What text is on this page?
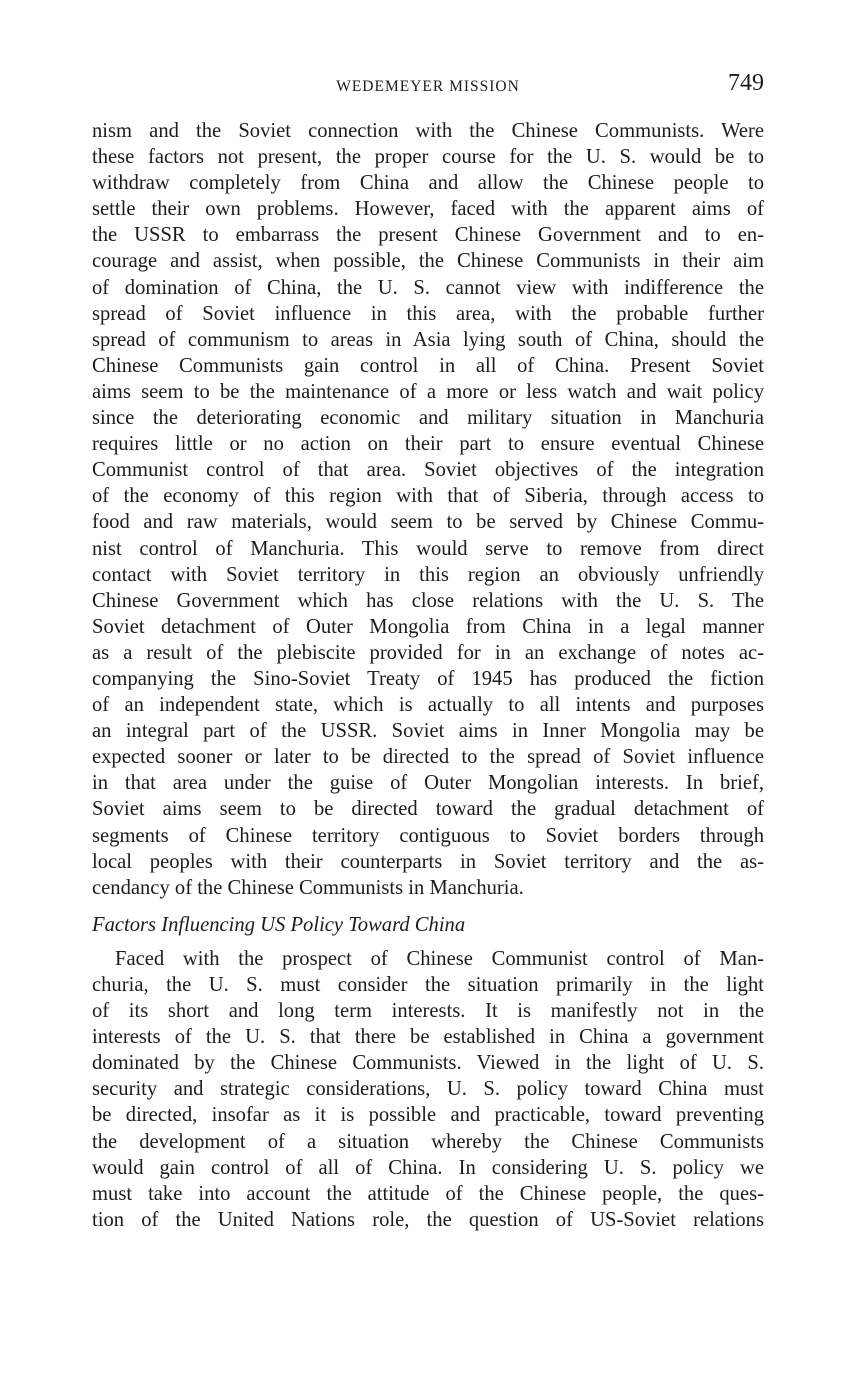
WEDEMEYER MISSION	749
nism and the Soviet connection with the Chinese Communists. Were
these factors not present, the proper course for the U. S. would be to
withdraw completely from China and allow the Chinese people to
settle their own problems. However, faced with the apparent aims of
the USSR to embarrass the present Chinese Government and to en-
courage and assist, when possible, the Chinese Communists in their aim
of domination of China, the U. S. cannot view with indifference the
spread of Soviet influence in this area, with the probable further
spread of communism to areas in Asia lying south of China, should the
Chinese Communists gain control in all of China. Present Soviet
aims seem to be the maintenance of a more or less watch and wait policy
since the deteriorating economic and military situation in Manchuria
requires little or no action on their part to ensure eventual Chinese
Communist control of that area. Soviet objectives of the integration
of the economy of this region with that of Siberia, through access to
food and raw materials, would seem to be served by Chinese Commu-
nist control of Manchuria. This would serve to remove from direct
contact with Soviet territory in this region an obviously unfriendly
Chinese Government which has close relations with the U. S. The
Soviet detachment of Outer Mongolia from China in a legal manner
as a result of the plebiscite provided for in an exchange of notes ac-
companying the Sino-Soviet Treaty of 1945 has produced the fiction
of an independent state, which is actually to all intents and purposes
an integral part of the USSR. Soviet aims in Inner Mongolia may be
expected sooner or later to be directed to the spread of Soviet influence
in that area under the guise of Outer Mongolian interests. In brief,
Soviet aims seem to be directed toward the gradual detachment of
segments of Chinese territory contiguous to Soviet borders through
local peoples with their counterparts in Soviet territory and the as-
cendancy of the Chinese Communists in Manchuria.
Factors Influencing US Policy Toward China
Faced with the prospect of Chinese Communist control of Man-
churia, the U. S. must consider the situation primarily in the light
of its short and long term interests. It is manifestly not in the
interests of the U. S. that there be established in China a government
dominated by the Chinese Communists. Viewed in the light of U. S.
security and strategic considerations, U. S. policy toward China must
be directed, insofar as it is possible and practicable, toward preventing
the development of a situation whereby the Chinese Communists
would gain control of all of China. In considering U. S. policy we
must take into account the attitude of the Chinese people, the ques-
tion of the United Nations role, the question of US-Soviet relations
